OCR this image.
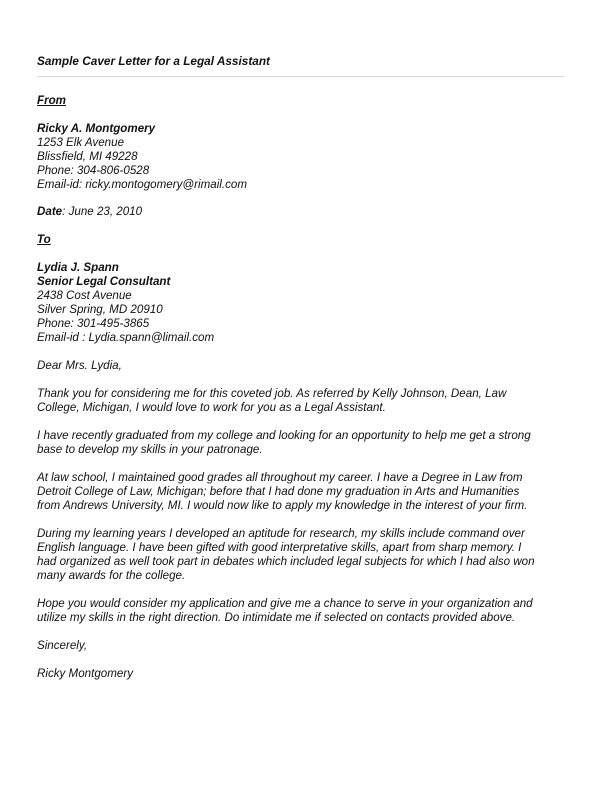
Sample Caver Letter for a Legal Assistant
From
Ricky A. Montgomery
1253 Elk Avenue
Blissfield, MI 49228
Phone: 304-806-0528
Email-id: ricky.montogomery@rimail.com
Date: June 23, 2010
To
Lydia J. Spann
Senior Legal Consultant
2438 Cost Avenue
Silver Spring, MD 20910
Phone: 301-495-3865
Email-id : Lydia.spann@limail.com
Dear Mrs. Lydia,
Thank you for considering me for this coveted job. As referred by Kelly Johnson, Dean, Law
College, Michigan, I would love to work for you as a Legal Assistant.
I have recently graduated from my college and looking for an opportunity to help me get a strong
base to develop my skills in your patronage.
At law school, I maintained good grades all throughout my career. I have a Degree in Law from
Detroit College of Law, Michigan; before that I had done my graduation in Arts and Humanities
from Andrews University, MI. I would now like to apply my knowledge in the interest of your firm.
During my learning years I developed an aptitude for research, my skills include command over
English language. I have been gifted with good interpretative skills, apart from sharp memory. I
had organized as well took part in debates which included legal subjects for which I had also won
many awards for the college.
Hope you would consider my application and give me a chance to serve in your organization and
utilize my skills in the right direction. Do intimidate me if selected on contacts provided above.
Sincerely,
Ricky Montgomery
